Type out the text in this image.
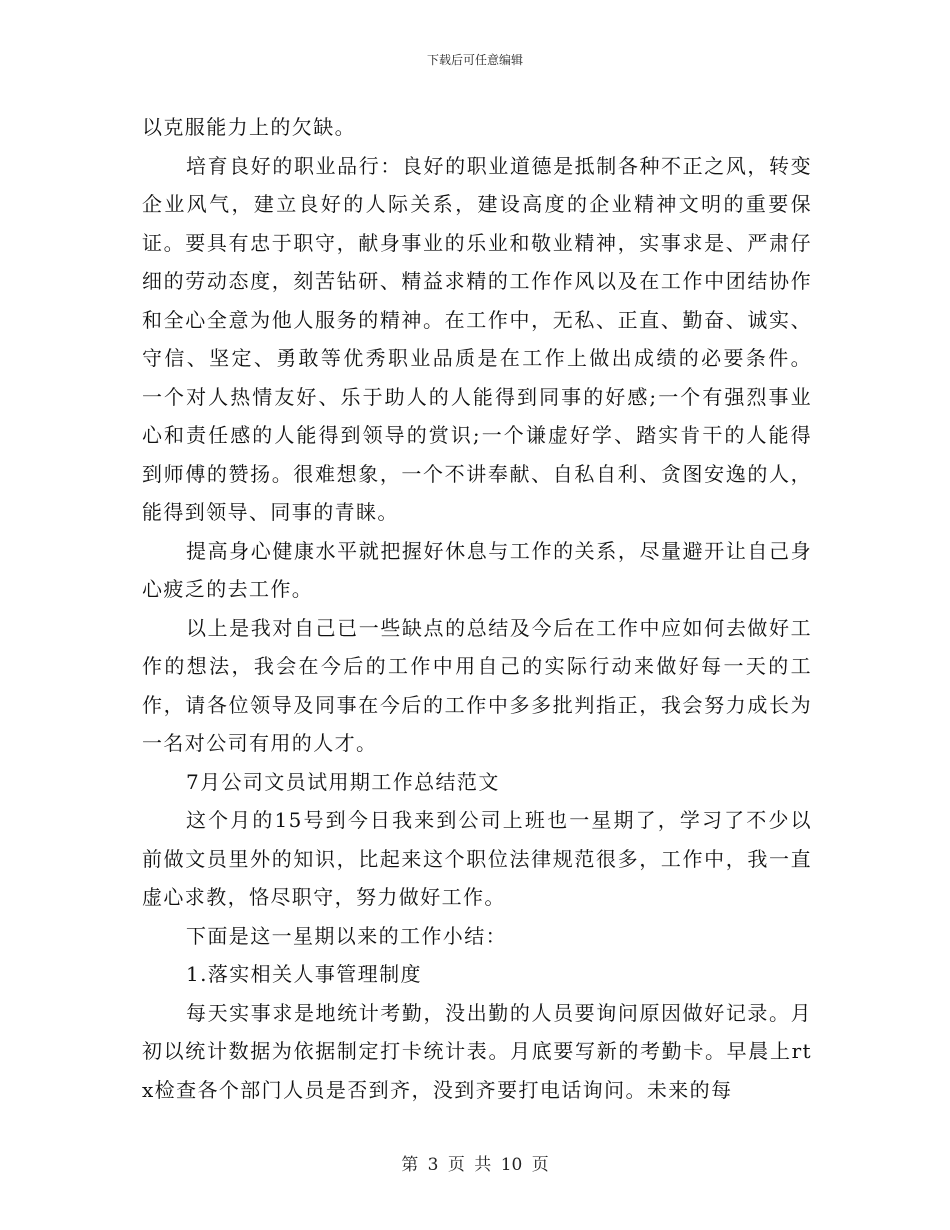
下载后可任意编辑

以克服能力上的欠缺。

培育良好的职业品行：良好的职业道德是抵制各种不正之风，转变企业风气，建立良好的人际关系，建设高度的企业精神文明的重要保证。要具有忠于职守，献身事业的乐业和敬业精神，实事求是、严肃仔细的劳动态度，刻苦钻研、精益求精的工作作风以及在工作中团结协作和全心全意为他人服务的精神。在工作中，无私、正直、勤奋、诚实、守信、坚定、勇敢等优秀职业品质是在工作上做出成绩的必要条件。 一个对人热情友好、乐于助人的人能得到同事的好感;一个有强烈事业心和责任感的人能得到领导的赏识;一个谦虚好学、踏实肯干的人能得到师傅的赞扬。很难想象，一个不讲奉献、自私自利、贪图安逸的人，能得到领导、同事的青睐。

提高身心健康水平就把握好休息与工作的关系，尽量避开让自己身心疲乏的去工作。

以上是我对自己已一些缺点的总结及今后在工作中应如何去做好工作的想法，我会在今后的工作中用自己的实际行动来做好每一天的工作，请各位领导及同事在今后的工作中多多批判指正，我会努力成长为一名对公司有用的人才。

7月公司文员试用期工作总结范文

这个月的15号到今日我来到公司上班也一星期了，学习了不少以前做文员里外的知识，比起来这个职位法律规范很多，工作中，我一直虚心求教，恪尽职守，努力做好工作。

下面是这一星期以来的工作小结：

1.落实相关人事管理制度

每天实事求是地统计考勤，没出勤的人员要询问原因做好记录。月初以统计数据为依据制定打卡统计表。月底要写新的考勤卡。早晨上rtx检查各个部门人员是否到齐，没到齐要打电话询问。未来的每

第 3 页 共 10 页
